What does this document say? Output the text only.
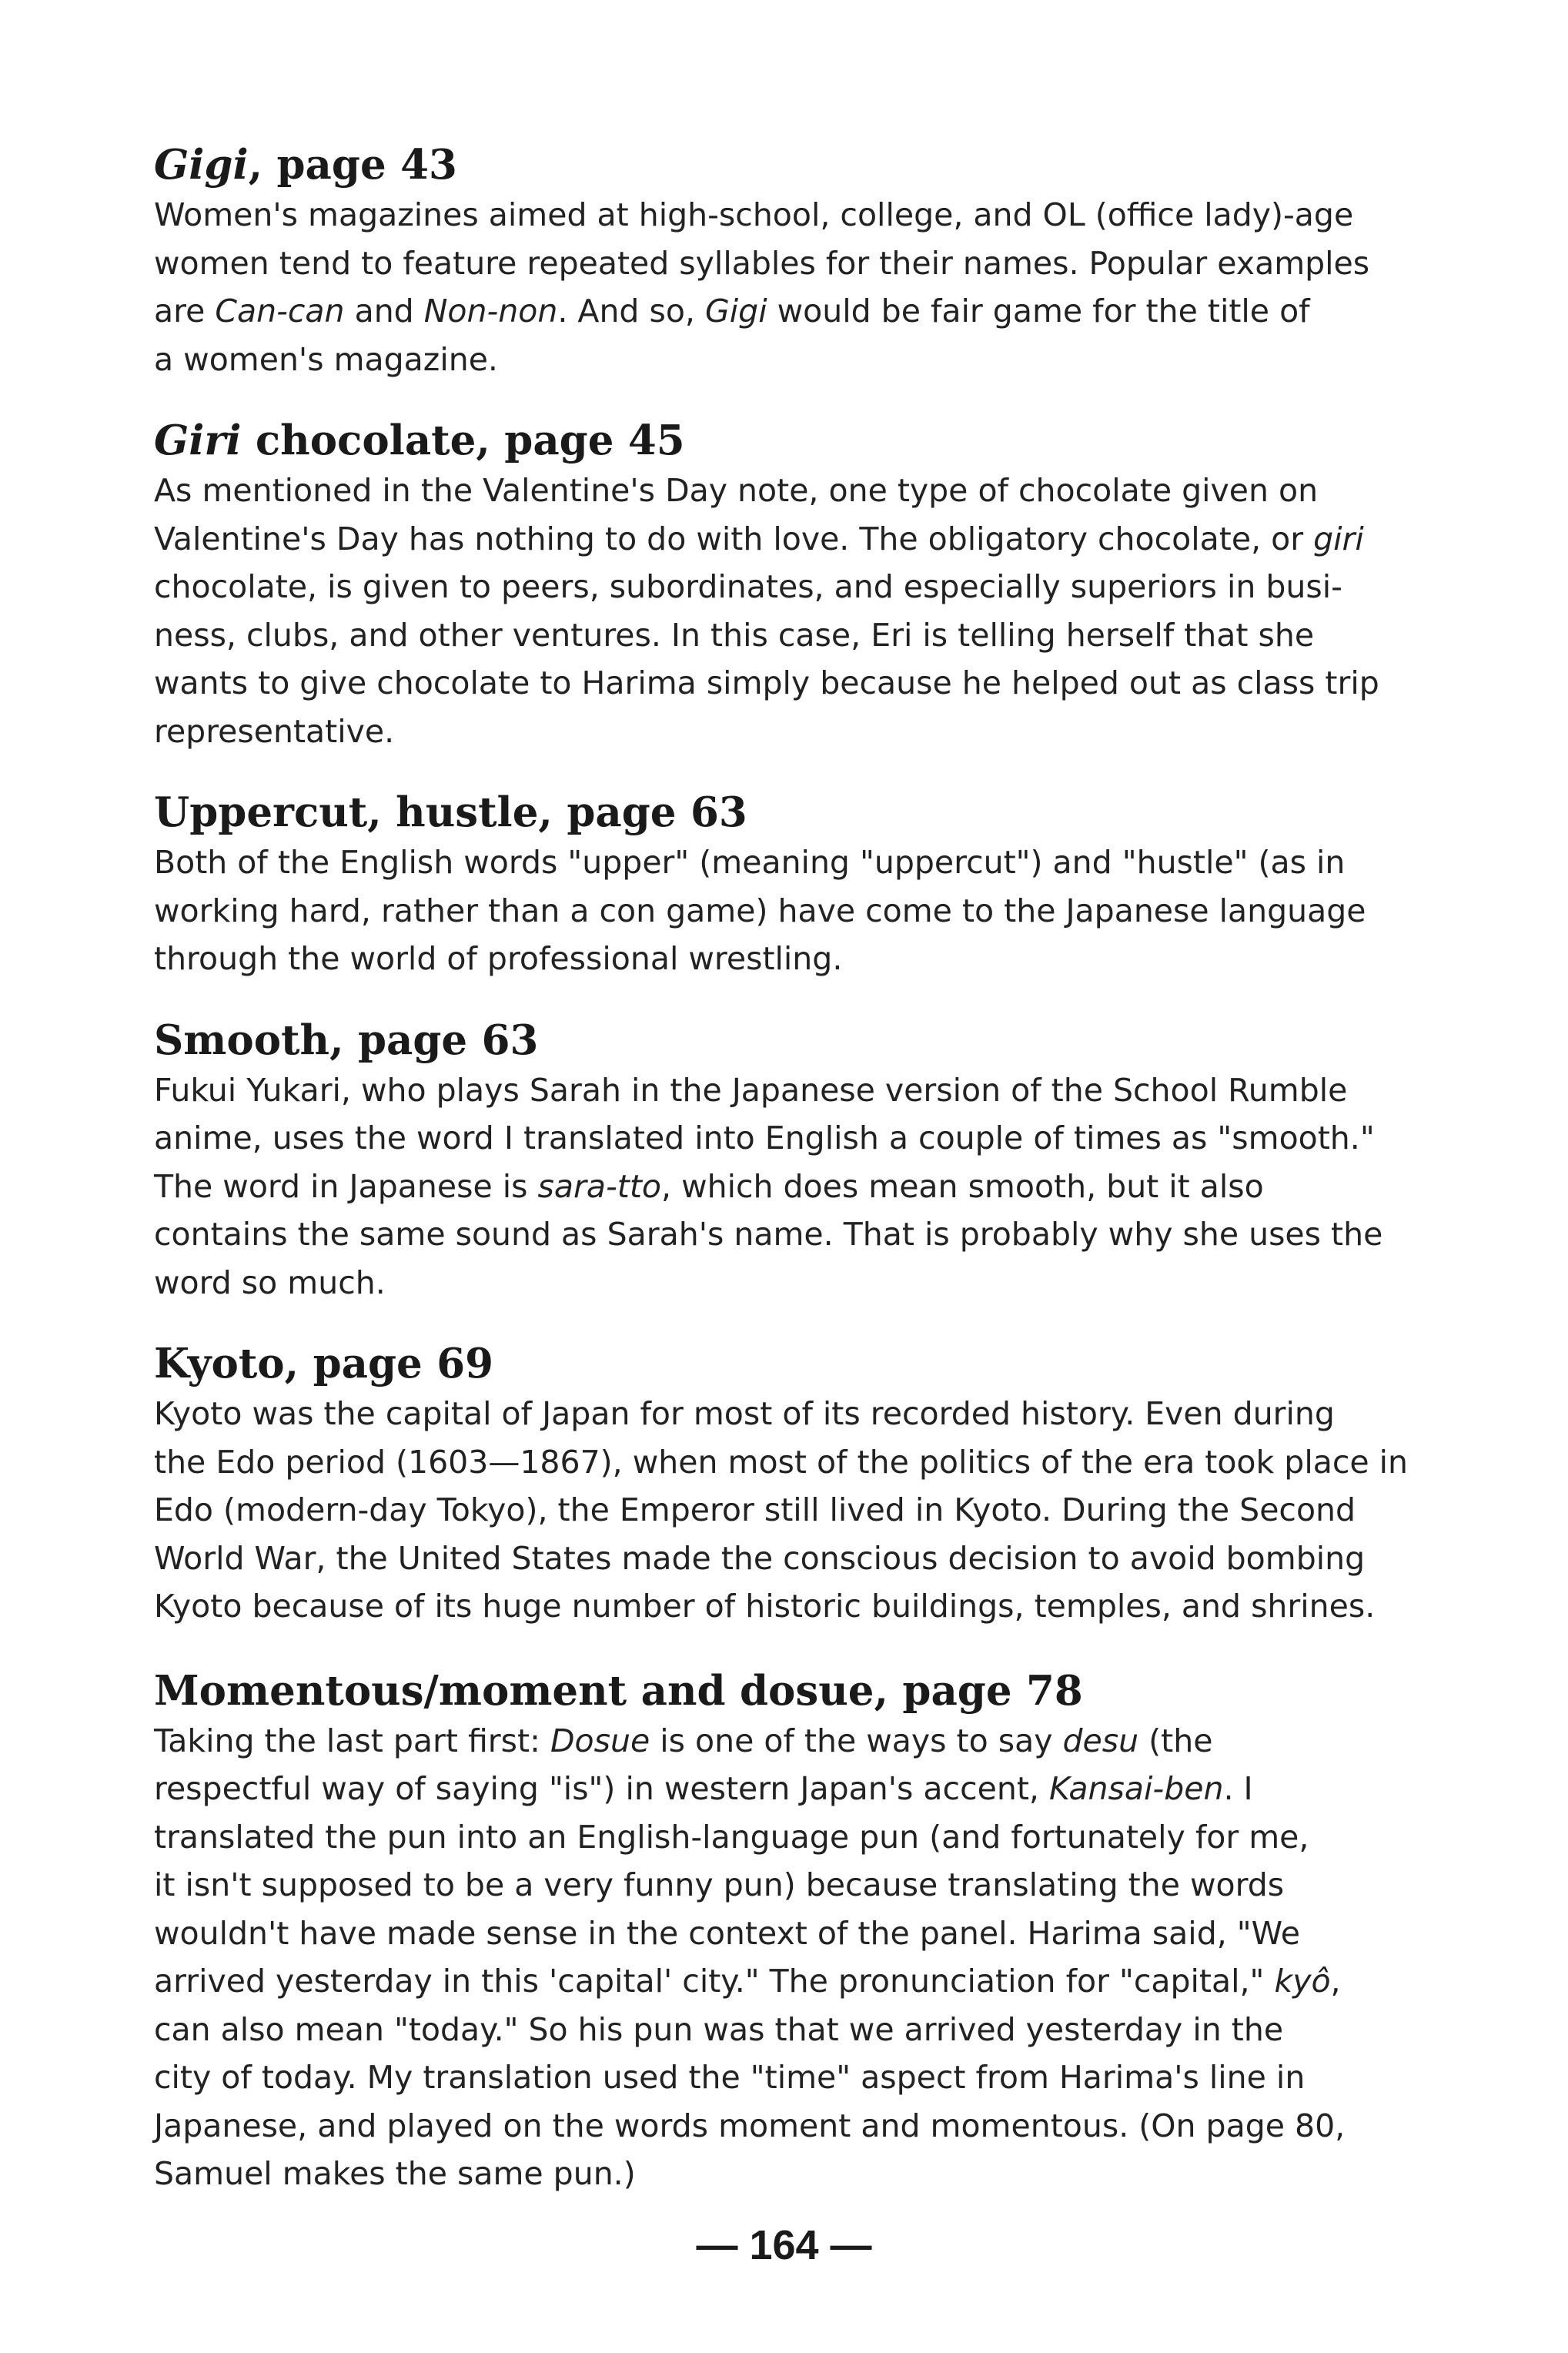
Gigi, page 43

Women's magazines aimed at high-school, college, and OL (office lady)-age
women tend to feature repeated syllables for their names. Popular examples
are Can-can and Non-non. And so, Gigi would be fair game for the title of
a women's magazine.

Giri chocolate, page 45

As mentioned in the Valentine's Day note, one type of chocolate given on
Valentine's Day has nothing to do with love. The obligatory chocolate, or giri
chocolate, is given to peers, subordinates, and especially superiors in busi-
ness, clubs, and other ventures. In this case, Eri is telling herself that she
wants to give chocolate to Harima simply because he helped out as class trip
representative.

Uppercut, hustle, page 63

Both of the English words "upper" (meaning "uppercut") and "hustle" (as in
working hard, rather than a con game) have come to the Japanese language
through the world of professional wrestling.

Smooth, page 63

Fukui Yukari, who plays Sarah in the Japanese version of the School Rumble
anime, uses the word I translated into English a couple of times as "smooth."
The word in Japanese is sara-tto, which does mean smooth, but it also
contains the same sound as Sarah's name. That is probably why she uses the
word so much.

Kyoto, page 69

Kyoto was the capital of Japan for most of its recorded history. Even during
the Edo period (1603—1867), when most of the politics of the era took place in
Edo (modern-day Tokyo), the Emperor still lived in Kyoto. During the Second
World War, the United States made the conscious decision to avoid bombing
Kyoto because of its huge number of historic buildings, temples, and shrines.

Momentous/moment and dosue, page 78

Taking the last part first: Dosue is one of the ways to say desu (the
respectful way of saying "is") in western Japan's accent, Kansai-ben. I
translated the pun into an English-language pun (and fortunately for me,
it isn't supposed to be a very funny pun) because translating the words
wouldn't have made sense in the context of the panel. Harima said, "We
arrived yesterday in this 'capital' city." The pronunciation for "capital," kyô,
can also mean "today." So his pun was that we arrived yesterday in the
city of today. My translation used the "time" aspect from Harima's line in
Japanese, and played on the words moment and momentous. (On page 80,
Samuel makes the same pun.)

— 164 —
